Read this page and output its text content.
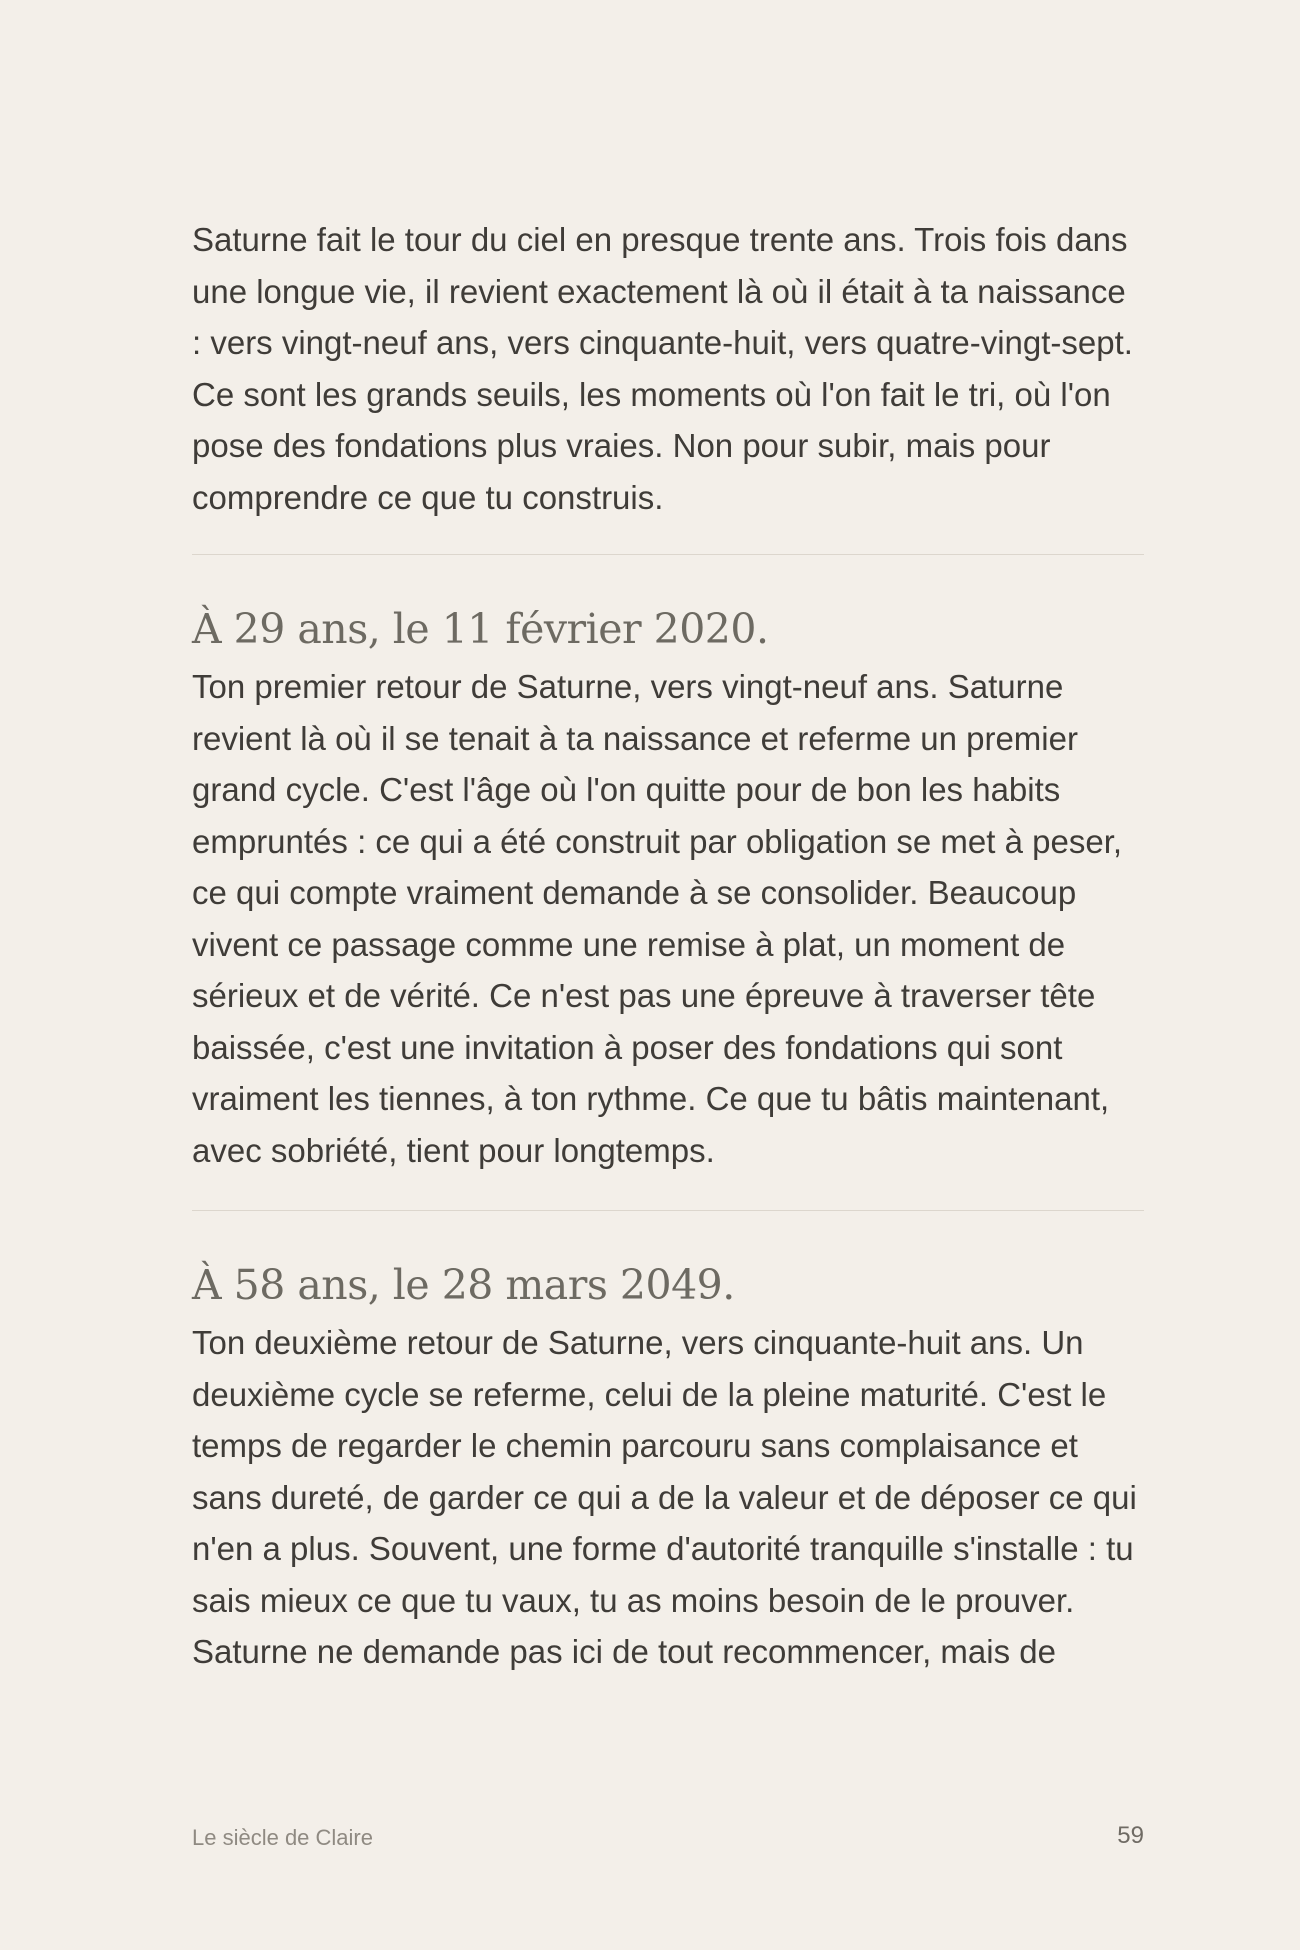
Saturne fait le tour du ciel en presque trente ans. Trois fois dans une longue vie, il revient exactement là où il était à ta naissance : vers vingt-neuf ans, vers cinquante-huit, vers quatre-vingt-sept. Ce sont les grands seuils, les moments où l'on fait le tri, où l'on pose des fondations plus vraies. Non pour subir, mais pour comprendre ce que tu construis.

À 29 ans, le 11 février 2020.

Ton premier retour de Saturne, vers vingt-neuf ans. Saturne revient là où il se tenait à ta naissance et referme un premier grand cycle. C'est l'âge où l'on quitte pour de bon les habits empruntés : ce qui a été construit par obligation se met à peser, ce qui compte vraiment demande à se consolider. Beaucoup vivent ce passage comme une remise à plat, un moment de sérieux et de vérité. Ce n'est pas une épreuve à traverser tête baissée, c'est une invitation à poser des fondations qui sont vraiment les tiennes, à ton rythme. Ce que tu bâtis maintenant, avec sobriété, tient pour longtemps.

À 58 ans, le 28 mars 2049.

Ton deuxième retour de Saturne, vers cinquante-huit ans. Un deuxième cycle se referme, celui de la pleine maturité. C'est le temps de regarder le chemin parcouru sans complaisance et sans dureté, de garder ce qui a de la valeur et de déposer ce qui n'en a plus. Souvent, une forme d'autorité tranquille s'installe : tu sais mieux ce que tu vaux, tu as moins besoin de le prouver. Saturne ne demande pas ici de tout recommencer, mais de

Le siècle de Claire	59
